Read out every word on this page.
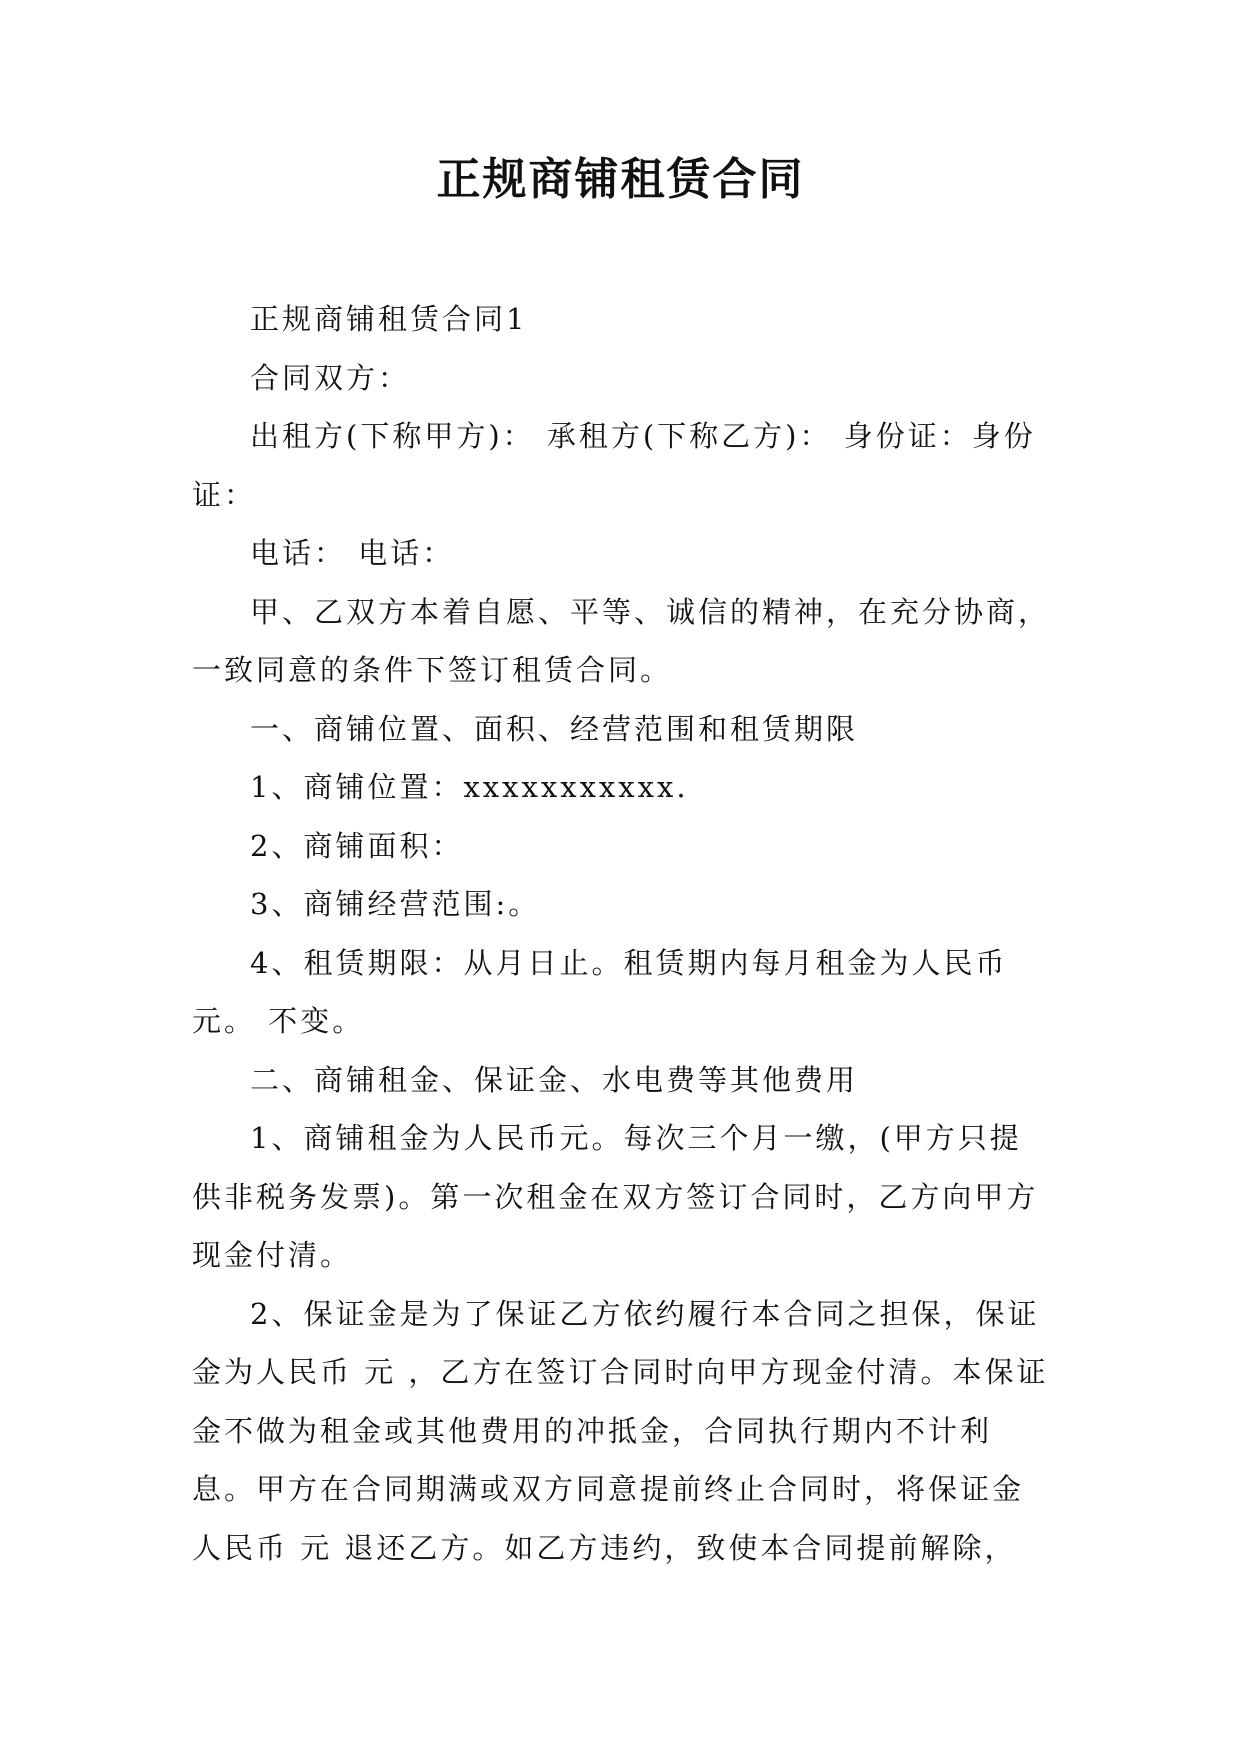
正规商铺租赁合同

正规商铺租赁合同1

合同双方：

出租方(下称甲方)： 承租方(下称乙方)： 身份证：身份证：

电话： 电话：

甲、乙双方本着自愿、平等、诚信的精神，在充分协商，一致同意的条件下签订租赁合同。

一、商铺位置、面积、经营范围和租赁期限

1、商铺位置：xxxxxxxxxxx.

2、商铺面积：

3、商铺经营范围:。

4、租赁期限：从月日止。租赁期内每月租金为人民币元。 不变。

二、商铺租金、保证金、水电费等其他费用

1、商铺租金为人民币元。每次三个月一缴，(甲方只提供非税务发票)。第一次租金在双方签订合同时，乙方向甲方现金付清。

2、保证金是为了保证乙方依约履行本合同之担保，保证金为人民币 元 ，乙方在签订合同时向甲方现金付清。本保证金不做为租金或其他费用的冲抵金，合同执行期内不计利息。甲方在合同期满或双方同意提前终止合同时，将保证金人民币 元 退还乙方。如乙方违约，致使本合同提前解除，
